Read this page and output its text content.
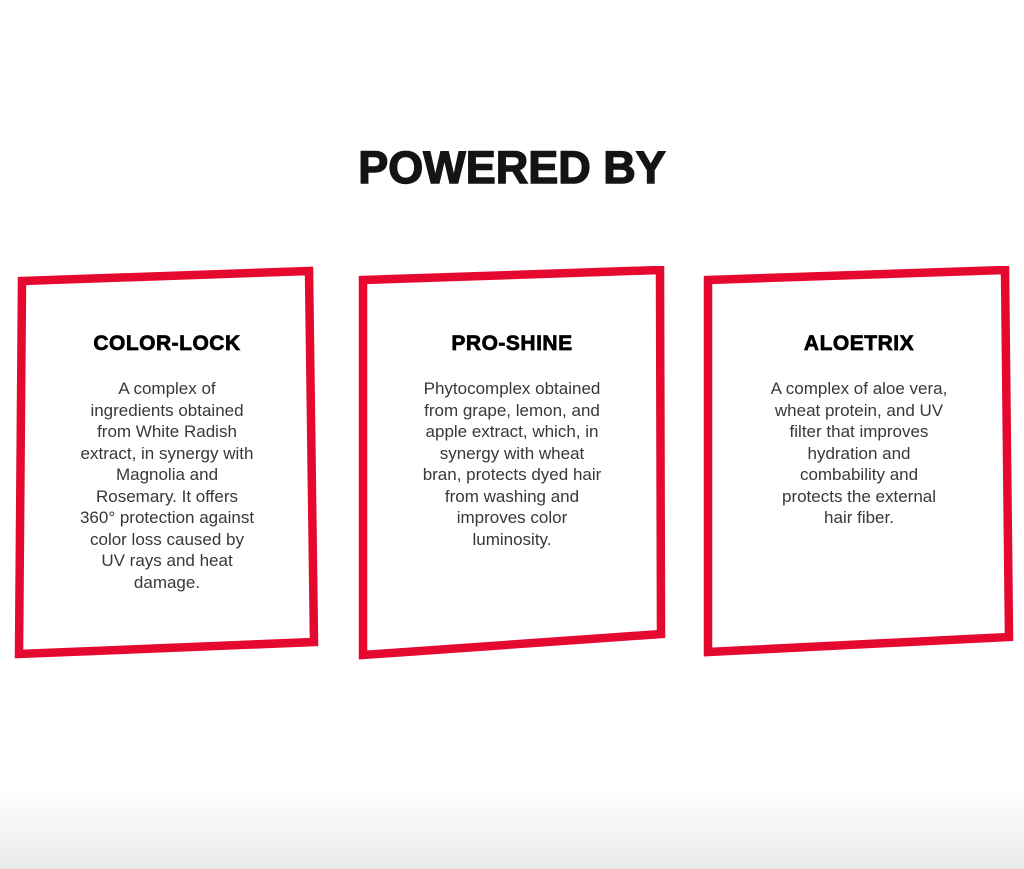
POWERED BY
COLOR-LOCK

A complex of ingredients obtained from White Radish extract, in synergy with Magnolia and Rosemary. It offers 360° protection against color loss caused by UV rays and heat damage.

PRO-SHINE

Phytocomplex obtained from grape, lemon, and apple extract, which, in synergy with wheat bran, protects dyed hair from washing and improves color luminosity.

ALOETRIX

A complex of aloe vera, wheat protein, and UV filter that improves hydration and combability and protects the external hair fiber.
